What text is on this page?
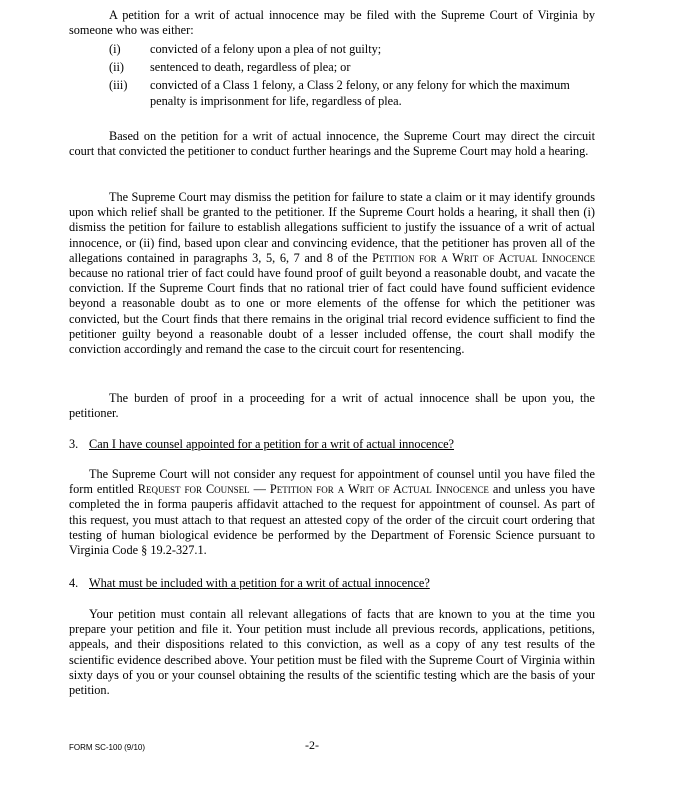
A petition for a writ of actual innocence may be filed with the Supreme Court of Virginia by someone who was either:

(i) convicted of a felony upon a plea of not guilty;
(ii) sentenced to death, regardless of plea; or
(iii) convicted of a Class 1 felony, a Class 2 felony, or any felony for which the maximum penalty is imprisonment for life, regardless of plea.

Based on the petition for a writ of actual innocence, the Supreme Court may direct the circuit court that convicted the petitioner to conduct further hearings and the Supreme Court may hold a hearing.

The Supreme Court may dismiss the petition for failure to state a claim or it may identify grounds upon which relief shall be granted to the petitioner. If the Supreme Court holds a hearing, it shall then (i) dismiss the petition for failure to establish allegations sufficient to justify the issuance of a writ of actual innocence, or (ii) find, based upon clear and convincing evidence, that the petitioner has proven all of the allegations contained in paragraphs 3, 5, 6, 7 and 8 of the Petition for a Writ of Actual Innocence because no rational trier of fact could have found proof of guilt beyond a reasonable doubt, and vacate the conviction. If the Supreme Court finds that no rational trier of fact could have found sufficient evidence beyond a reasonable doubt as to one or more elements of the offense for which the petitioner was convicted, but the Court finds that there remains in the original trial record evidence sufficient to find the petitioner guilty beyond a reasonable doubt of a lesser included offense, the court shall modify the conviction accordingly and remand the case to the circuit court for resentencing.

The burden of proof in a proceeding for a writ of actual innocence shall be upon you, the petitioner.

3. Can I have counsel appointed for a petition for a writ of actual innocence?

The Supreme Court will not consider any request for appointment of counsel until you have filed the form entitled Request for Counsel — Petition for a Writ of Actual Innocence and unless you have completed the in forma pauperis affidavit attached to the request for appointment of counsel. As part of this request, you must attach to that request an attested copy of the order of the circuit court ordering that testing of human biological evidence be performed by the Department of Forensic Science pursuant to Virginia Code § 19.2-327.1.

4. What must be included with a petition for a writ of actual innocence?

Your petition must contain all relevant allegations of facts that are known to you at the time you prepare your petition and file it. Your petition must include all previous records, applications, petitions, appeals, and their dispositions related to this conviction, as well as a copy of any test results of the scientific evidence described above. Your petition must be filed with the Supreme Court of Virginia within sixty days of you or your counsel obtaining the results of the scientific testing which are the basis of your petition.

FORM SC-100 (9/10)	-2-
